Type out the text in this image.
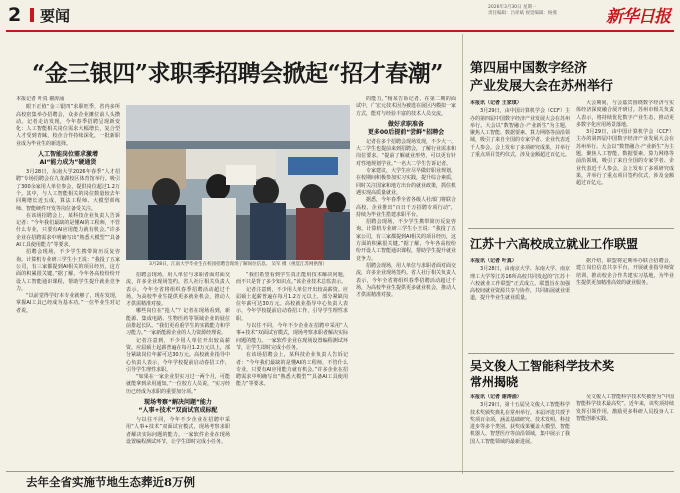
2 要闻	2026年3月30日 星期一
责任编辑：吕祥斌 视觉编辑：杨燕	新华日报
“金三银四”求职季招聘会掀起“招才春潮”
本报记者 叶真 谢涛涌

眼下正值“金三银四”求职旺季，省内多所高校密集举办招聘会，众多企业摊位前人头攒动。记者走访发现，今年春季招聘呈现新变化：人工智能相关岗位需求大幅增长，复合型人才受到青睐，校企合作持续深化，一批新职业成为毕业生的新选择。

人工智能岗位需求激增
AI“能力成为”硬通货

3月28日，东南大学2026年春季“人才招聘”专场招聘会在九龙湖校区体育馆举行。吸引了300余家用人单位参会，提供岗位超过1.2万个。其中，与人工智能相关的岗位数量较去年同期增长近五成，算法工程师、大模型训练师、智能硬件开发等岗位备受关注。

在该场招聘会上，某科技企业负责人告诉记者：“今年我们最缺的是懂AI的工程师，不管什么专业，只要有AI应用能力就有机会。”许多企业在招聘需求中明确写出“熟悉大模型”“具备AI工具使用能力”等要求。

招聘会现场，不少学生携带简历反复咨询。计算机专业研三学生小王说：“我投了五家公司，有三家都提到AI相关的项目经历，这方面的积累很关键。”据了解，今年各高校纷纷开设人工智能通识课程，帮助学生提升就业竞争力。

“以前觉得学好本专业就够了，现在发现，掌握AI工具已经成为基本功。”一位毕业生对记者说。

3月28日，江南大学毕业生在校园招聘会现场了解岗位信息。 吴军 摄（视觉江苏网供图）

招聘会现场，用人单位与求职者面对面交流，许多企业现场签约。省人社厅相关负责人表示，今年全省将组织春季招聘活动超过千场，为高校毕业生提供更多就业机会，推动人才供需精准对接。

哪些岗位在“抢人”？记者在现场看到，新能源、集成电路、生物医药等领域企业的展位前排起长队。“我们更看重学生的实践能力和学习能力。”一家新能源企业的人力资源经理说。

记者注意到，不少用人单位开出较高薪资。应届硕士起薪普遍在每月1.2万元以上，部分紧缺岗位年薪可达30万元。高校就业指导中心负责人表示，今年学校提前启动春招工作，引导学生理性求职。

“如果在一家企业里实习过一两个月，可能就能拿到录用通知。”一位校方人员说，“实习经历已经成为求职的重要加分项。”

现场考察“解决问题”能力
“人事+技术”双面试官成标配

与以往不同，今年不少企业在招聘中采用“人事+技术”双面试官模式，现场考察求职者解决实际问题的能力。一家软件企业在现场设置编程测试环节，让学生即时完成小任务。

“我们希望看到学生真正能用技术解决问题，而不只是背了多少知识点。”该企业技术总监表示。

记者注意到，不少用人单位开出较高薪资。应届硕士起薪普遍在每月1.2万元以上，部分紧缺岗位年薪可达30万元。高校就业指导中心负责人表示，今年学校提前启动春招工作，引导学生理性求职。

与以往不同，今年不少企业在招聘中采用“人事+技术”双面试官模式，现场考察求职者解决实际问题的能力。一家软件企业在现场设置编程测试环节，让学生即时完成小任务。

在该场招聘会上，某科技企业负责人告诉记者：“今年我们最缺的是懂AI的工程师，不管什么专业，只要有AI应用能力就有机会。”许多企业在招聘需求中明确写出“熟悉大模型”“具备AI工具使用能力”等要求。

的能力，”杨某告诉记者，在第二期的面试中，广宏元技术因为被选在展区内模拟一家方式，能对与经验丰富的技术人员交流。

做好求职准备
更多00后提前“尝鲜”招聘会

记者在多个招聘会现场发现，不少大一、大二学生也提前来到招聘会，了解行业需求和岗位要求。“提前了解就业形势，可以更有针对性地规划学业。”一名大二学生告诉记者。

专家建议，大学生应尽早做好职业规划，在校期间积极参加实习实践，提升综合素质，同时关注国家和地方出台的就业政策，抓住机遇实现高质量就业。

据悉，今年春季全省各级人社部门将联合高校、企业推出“百日千万招聘专项行动”，持续为毕业生搭建求职平台。

招聘会现场，不少学生携带简历反复咨询。计算机专业研三学生小王说：“我投了五家公司，有三家都提到AI相关的项目经历，这方面的积累很关键。”据了解，今年各高校纷纷开设人工智能通识课程，帮助学生提升就业竞争力。

招聘会现场，用人单位与求职者面对面交流，许多企业现场签约。省人社厅相关负责人表示，今年全省将组织春季招聘活动超过千场，为高校毕业生提供更多就业机会，推动人才供需精准对接。

第四届中国数字经济
产业发展大会在苏州举行
本报讯（记者 王家琪）

3月29日，由中国计算机学会（CCF）主办的第四届中国数字经济产业发展大会在苏州举行。大会以“数智融合·产业新生”为主题，聚焦人工智能、数据要素、算力网络等前沿领域，吸引了来自全国的专家学者、企业代表近千人参会。会上发布了多项研究成果，并举行了重点项目签约仪式，涉及金额超过百亿元。

大会期间，与会嘉宾围绕数字经济与实体经济深度融合展开研讨。苏州市相关负责人表示，将持续优化数字产业生态，推动更多数字化应用场景落地。

3月29日，由中国计算机学会（CCF）主办的第四届中国数字经济产业发展大会在苏州举行。大会以“数智融合·产业新生”为主题，聚焦人工智能、数据要素、算力网络等前沿领域，吸引了来自全国的专家学者、企业代表近千人参会。会上发布了多项研究成果，并举行了重点项目签约仪式，涉及金额超过百亿元。

江苏十六高校成立就业工作联盟
本报讯（记者 叶真）

3月28日，由南京大学、东南大学、南京理工大学等江苏16所高校共同发起的“江苏十六校就业工作联盟”正式成立。联盟旨在加强高校间就业资源共享与协作，共同拓展就业渠道，提升毕业生就业质量。

据介绍，联盟将定期举办联合招聘会，建立岗位信息共享平台，开展就业指导师资培训，推动校企合作共建实习基地，为毕业生提供更加精准高效的就业服务。

吴文俊人工智能科学技术奖
常州揭晓
本报讯（记者 谢涛涌）

3月29日，第十五届吴文俊人工智能科学技术奖颁奖典礼在常州举行。本届评选共授予奖项百余项，涵盖基础研究、技术发明、科技进步等多个类别。获奖成果覆盖大模型、智能机器人、智慧医疗等前沿领域，集中展示了我国人工智能领域的最新进展。

吴文俊人工智能科学技术奖被誉为“中国智能科学技术最高奖”。近年来，该奖项持续发挥引领作用，激励更多科研人员投身人工智能创新实践。

去年全省实施节地生态葬近8万例
